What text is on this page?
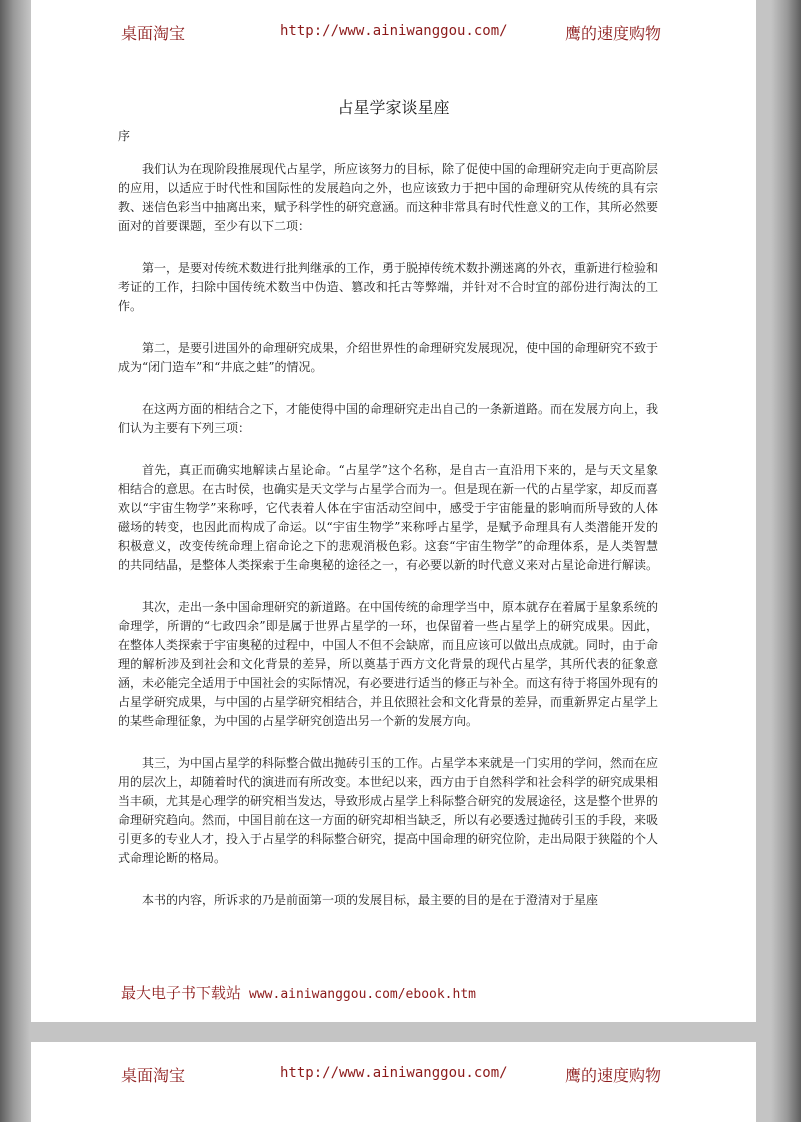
桌面淘宝	http://www.ainiwanggou.com/	鹰的速度购物
占星学家谈星座
序

我们认为在现阶段推展现代占星学，所应该努力的目标，除了促使中国的命理研究走向于更高阶层的应用，以适应于时代性和国际性的发展趋向之外，也应该致力于把中国的命理研究从传统的具有宗教、迷信色彩当中抽离出来，赋予科学性的研究意涵。而这种非常具有时代性意义的工作，其所必然要面对的首要课题，至少有以下二项：

第一，是要对传统术数进行批判继承的工作，勇于脱掉传统术数扑溯迷离的外衣，重新进行检验和考证的工作，扫除中国传统术数当中伪造、篡改和托古等弊端，并针对不合时宜的部份进行淘汰的工作。

第二，是要引进国外的命理研究成果，介绍世界性的命理研究发展现况，使中国的命理研究不致于成为“闭门造车”和“井底之蛙”的情况。

在这两方面的相结合之下，才能使得中国的命理研究走出自己的一条新道路。而在发展方向上，我们认为主要有下列三项：

首先，真正而确实地解读占星论命。“占星学”这个名称，是自古一直沿用下来的，是与天文星象相结合的意思。在古时侯，也确实是天文学与占星学合而为一。但是现在新一代的占星学家，却反而喜欢以“宇宙生物学”来称呼，它代表着人体在宇宙活动空间中，感受于宇宙能量的影响而所导致的人体磁场的转变，也因此而构成了命运。以“宇宙生物学”来称呼占星学，是赋予命理具有人类潜能开发的积极意义，改变传统命理上宿命论之下的悲观消极色彩。这套“宇宙生物学”的命理体系，是人类智慧的共同结晶，是整体人类探索于生命奥秘的途径之一，有必要以新的时代意义来对占星论命进行解读。

其次，走出一条中国命理研究的新道路。在中国传统的命理学当中，原本就存在着属于星象系统的命理学，所谓的“七政四余”即是属于世界占星学的一环，也保留着一些占星学上的研究成果。因此，在整体人类探索于宇宙奥秘的过程中，中国人不但不会缺席，而且应该可以做出点成就。同时，由于命理的解析涉及到社会和文化背景的差异，所以奠基于西方文化背景的现代占星学，其所代表的征象意涵，未必能完全适用于中国社会的实际情况，有必要进行适当的修正与补全。而这有待于将国外现有的占星学研究成果，与中国的占星学研究相结合，并且依照社会和文化背景的差异，而重新界定占星学上的某些命理征象，为中国的占星学研究创造出另一个新的发展方向。

其三，为中国占星学的科际整合做出抛砖引玉的工作。占星学本来就是一门实用的学问，然而在应用的层次上，却随着时代的演进而有所改变。本世纪以来，西方由于自然科学和社会科学的研究成果相当丰硕，尤其是心理学的研究相当发达，导致形成占星学上科际整合研究的发展途径，这是整个世界的命理研究趋向。然而，中国目前在这一方面的研究却相当缺乏，所以有必要透过抛砖引玉的手段，来吸引更多的专业人才，投入于占星学的科际整合研究，提高中国命理的研究位阶，走出局限于狭隘的个人式命理论断的格局。

本书的内容，所诉求的乃是前面第一项的发展目标，最主要的目的是在于澄清对于星座

最大电子书下载站 www.ainiwanggou.com/ebook.htm
桌面淘宝	http://www.ainiwanggou.com/	鹰的速度购物
